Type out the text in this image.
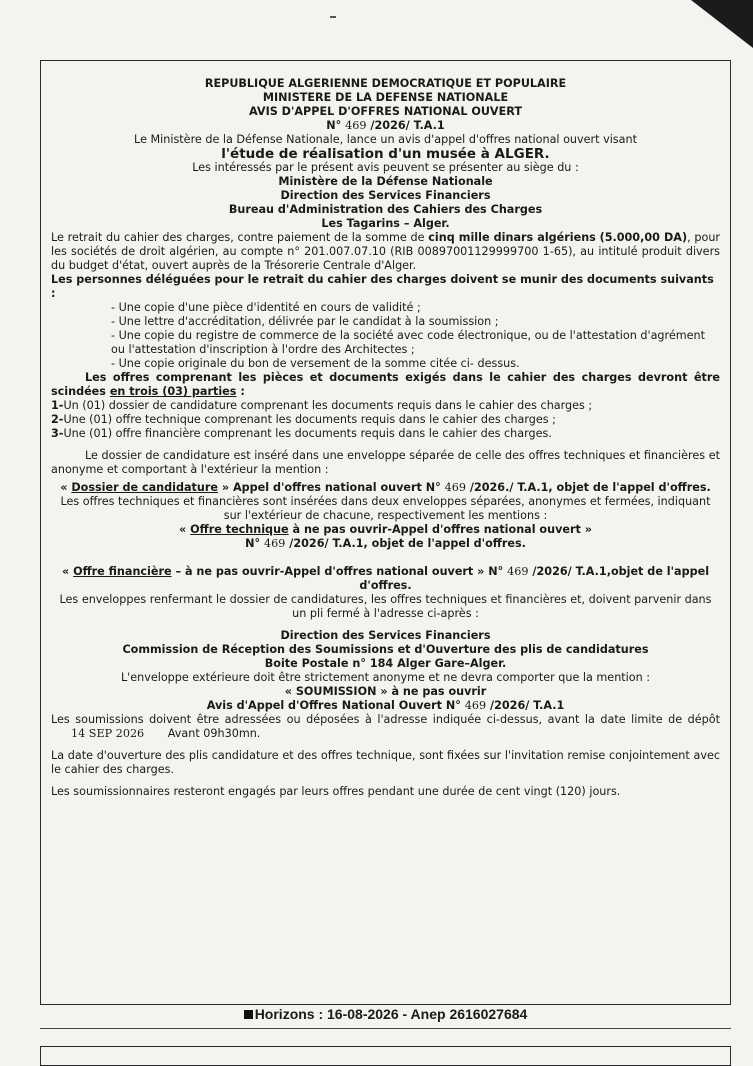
REPUBLIQUE ALGERIENNE DEMOCRATIQUE ET POPULAIRE

MINISTERE DE LA DEFENSE NATIONALE

AVIS D'APPEL D'OFFRES NATIONAL OUVERT

N° 469 /2026/ T.A.1

Le Ministère de la Défense Nationale, lance un avis d'appel d'offres national ouvert visant

l'étude de réalisation d'un musée à ALGER.

Les intéressés par le présent avis peuvent se présenter au siège du :

Ministère de la Défense Nationale

Direction des Services Financiers

Bureau d'Administration des Cahiers des Charges

Les Tagarins – Alger.

Le retrait du cahier des charges, contre paiement de la somme de cinq mille dinars algériens (5.000,00 DA), pour les sociétés de droit algérien, au compte n° 201.007.07.10 (RIB 00897001129999700 1-65), au intitulé produit divers du budget d'état, ouvert auprès de la Trésorerie Centrale d'Alger.

Les personnes déléguées pour le retrait du cahier des charges doivent se munir des documents suivants :

- Une copie d'une pièce d'identité en cours de validité ;
- Une lettre d'accréditation, délivrée par le candidat à la soumission ;
- Une copie du registre de commerce de la société avec code électronique, ou de l'attestation d'agrément ou l'attestation d'inscription à l'ordre des Architectes ;
- Une copie originale du bon de versement de la somme citée ci- dessus.

Les offres comprenant les pièces et documents exigés dans le cahier des charges devront être scindées en trois (03) parties :

1-Un (01) dossier de candidature comprenant les documents requis dans le cahier des charges ;

2-Une (01) offre technique comprenant les documents requis dans le cahier des charges ;

3-Une (01) offre financière comprenant les documents requis dans le cahier des charges.

Le dossier de candidature est inséré dans une enveloppe séparée de celle des offres techniques et financières et anonyme et comportant à l'extérieur la mention :

« Dossier de candidature » Appel d'offres national ouvert N° 469 /2026./ T.A.1, objet de l'appel d'offres.

Les offres techniques et financières sont insérées dans deux enveloppes séparées, anonymes et fermées, indiquant sur l'extérieur de chacune, respectivement les mentions :

« Offre technique à ne pas ouvrir-Appel d'offres national ouvert »

N° 469 /2026/ T.A.1, objet de l'appel d'offres.

« Offre financière – à ne pas ouvrir-Appel d'offres national ouvert » N° 469 /2026/ T.A.1,objet de l'appel d'offres.

Les enveloppes renfermant le dossier de candidatures, les offres techniques et financières et, doivent parvenir dans un pli fermé à l'adresse ci-après :

Direction des Services Financiers

Commission de Réception des Soumissions et d'Ouverture des plis de candidatures

Boite Postale n° 184 Alger Gare–Alger.

L'enveloppe extérieure doit être strictement anonyme et ne devra comporter que la mention :

« SOUMISSION » à ne pas ouvrir

Avis d'Appel d'Offres National Ouvert N° 469 /2026/ T.A.1

Les soumissions doivent être adressées ou déposées à l'adresse indiquée ci-dessus, avant la date limite de dépôt 14 SEP 2026 Avant 09h30mn.

La date d'ouverture des plis candidature et des offres technique, sont fixées sur l'invitation remise conjointement avec le cahier des charges.

Les soumissionnaires resteront engagés par leurs offres pendant une durée de cent vingt (120) jours.

Horizons : 16-08-2026 - Anep 2616027684
